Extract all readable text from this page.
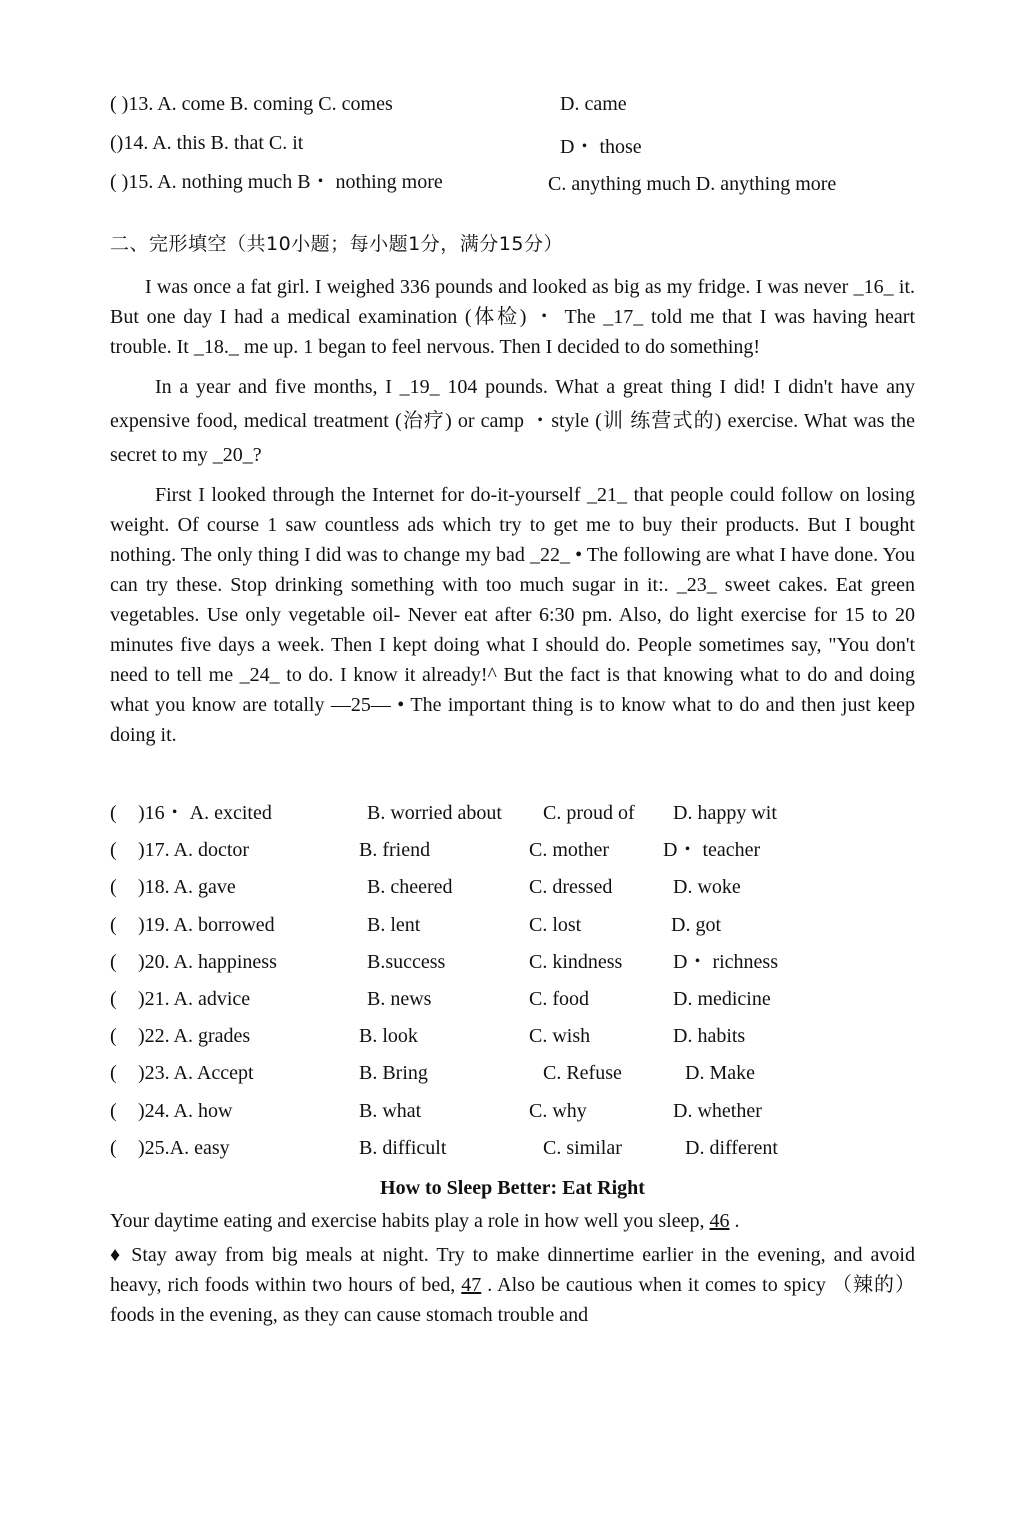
( )13. A. come B. coming C. comes	D. came
()14. A. this B. that C. it	D・ those
( )15. A. nothing much B・ nothing more	C. anything much D. anything more
二、完形填空（共10小题；每小题1分，满分15分）

I was once a fat girl. I weighed 336 pounds and looked as big as my fridge. I was never _16_ it. But one day I had a medical examination (体检) ・ The _17_ told me that I was having heart trouble. It _18._ me up. 1 began to feel nervous. Then I decided to do something!

In a year and five months, I _19_ 104 pounds. What a great thing I did! I didn't have any expensive food, medical treatment (治疗) or camp ・style (训 练营式的) exercise. What was the secret to my _20_?

First I looked through the Internet for do-it-yourself _21_ that people could follow on losing weight. Of course 1 saw countless ads which try to get me to buy their products. But I bought nothing. The only thing I did was to change my bad _22_ • The following are what I have done. You can try these. Stop drinking something with too much sugar in it:. _23_ sweet cakes. Eat green vegetables. Use only vegetable oil- Never eat after 6:30 pm. Also, do light exercise for 15 to 20 minutes five days a week. Then I kept doing what I should do. People sometimes say, "You don't need to tell me _24_ to do. I know it already!^ But the fact is that knowing what to do and doing what you know are totally —25— • The important thing is to know what to do and then just keep doing it.

( )16・ A. excited	B. worried about C. proud of D. happy wit
( )17. A. doctor	B. friend	C. mother	D・ teacher
( )18. A. gave	B. cheered	C. dressed	D. woke
( )19. A. borrowed	B. lent	C. lost	D. got
( )20. A. happiness	B.success	C. kindness	D・ richness
( )21. A. advice	B. news	C. food	D. medicine
( )22. A. grades	B. look	C. wish	D. habits
( )23. A. Accept	B. Bring	C. Refuse	D. Make
( )24. A. how	B. what	C. why	D. whether
( )25.A. easy	B. difficult	C. similar	D. different
How to Sleep Better: Eat Right

Your daytime eating and exercise habits play a role in how well you sleep, 46 .

♦ Stay away from big meals at night. Try to make dinnertime earlier in the evening, and avoid heavy, rich foods within two hours of bed, 47 . Also be cautious when it comes to spicy （辣的）foods in the evening, as they can cause stomach trouble and
